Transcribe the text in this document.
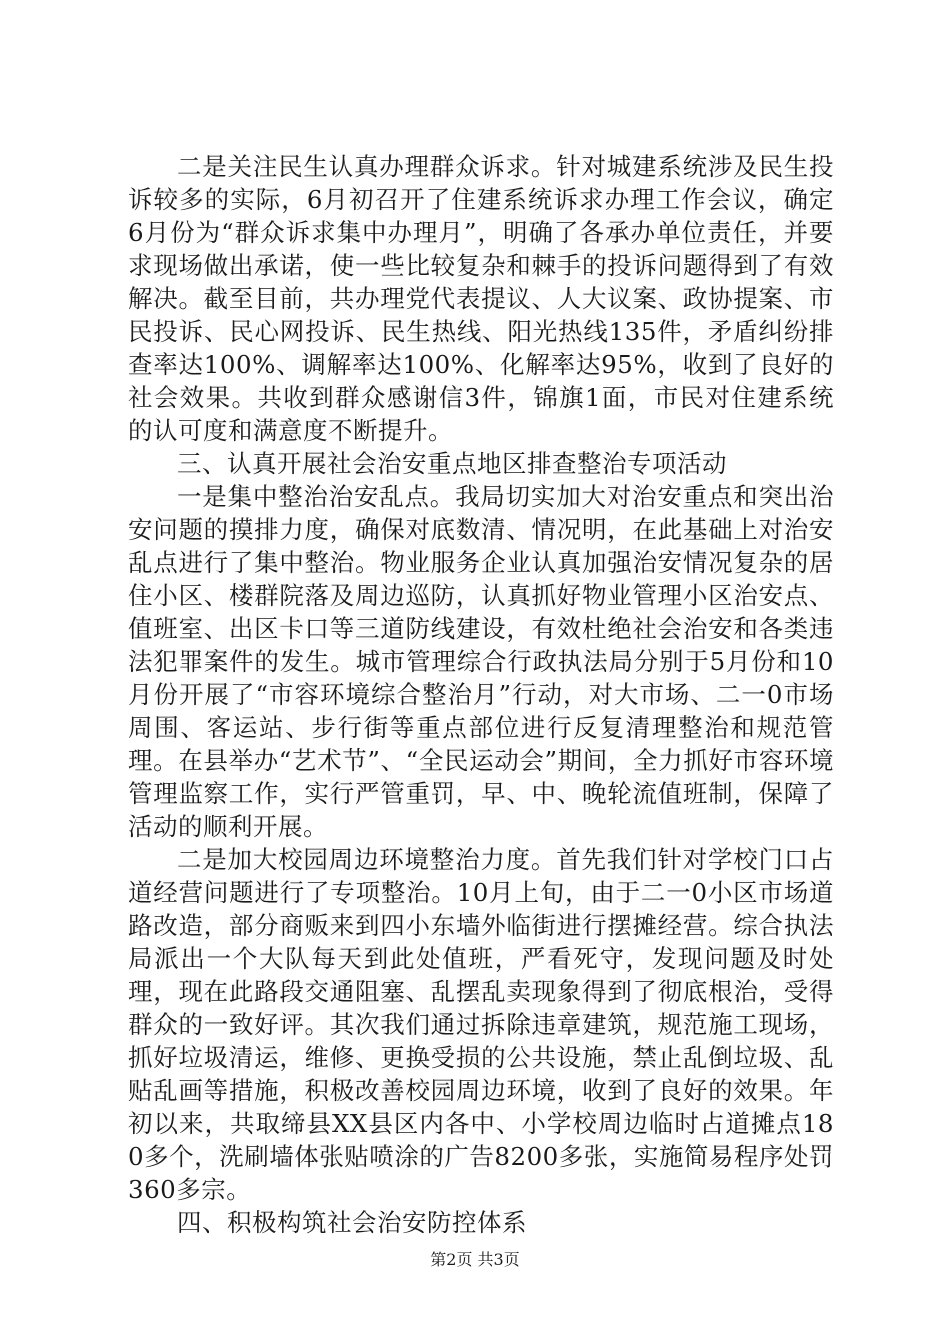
二是关注民生认真办理群众诉求。针对城建系统涉及民生投诉较多的实际，6月初召开了住建系统诉求办理工作会议，确定6月份为“群众诉求集中办理月”，明确了各承办单位责任，并要求现场做出承诺，使一些比较复杂和棘手的投诉问题得到了有效解决。截至目前，共办理党代表提议、人大议案、政协提案、市民投诉、民心网投诉、民生热线、阳光热线135件，矛盾纠纷排查率达100%、调解率达100%、化解率达95%，收到了良好的社会效果。共收到群众感谢信3件，锦旗1面，市民对住建系统的认可度和满意度不断提升。

三、认真开展社会治安重点地区排查整治专项活动

一是集中整治治安乱点。我局切实加大对治安重点和突出治安问题的摸排力度，确保对底数清、情况明，在此基础上对治安乱点进行了集中整治。物业服务企业认真加强治安情况复杂的居住小区、楼群院落及周边巡防，认真抓好物业管理小区治安点、值班室、出区卡口等三道防线建设，有效杜绝社会治安和各类违法犯罪案件的发生。城市管理综合行政执法局分别于5月份和10月份开展了“市容环境综合整治月”行动，对大市场、二一0市场周围、客运站、步行街等重点部位进行反复清理整治和规范管理。在县举办“艺术节”、“全民运动会”期间，全力抓好市容环境管理监察工作，实行严管重罚，早、中、晚轮流值班制，保障了活动的顺利开展。

二是加大校园周边环境整治力度。首先我们针对学校门口占道经营问题进行了专项整治。10月上旬，由于二一0小区市场道路改造，部分商贩来到四小东墙外临街进行摆摊经营。综合执法局派出一个大队每天到此处值班，严看死守，发现问题及时处理，现在此路段交通阻塞、乱摆乱卖现象得到了彻底根治，受得群众的一致好评。其次我们通过拆除违章建筑，规范施工现场，抓好垃圾清运，维修、更换受损的公共设施，禁止乱倒垃圾、乱贴乱画等措施，积极改善校园周边环境，收到了良好的效果。年初以来，共取缔县XX县区内各中、小学校周边临时占道摊点180多个，洗刷墙体张贴喷涂的广告8200多张，实施简易程序处罚360多宗。

四、积极构筑社会治安防控体系

第2页 共3页
